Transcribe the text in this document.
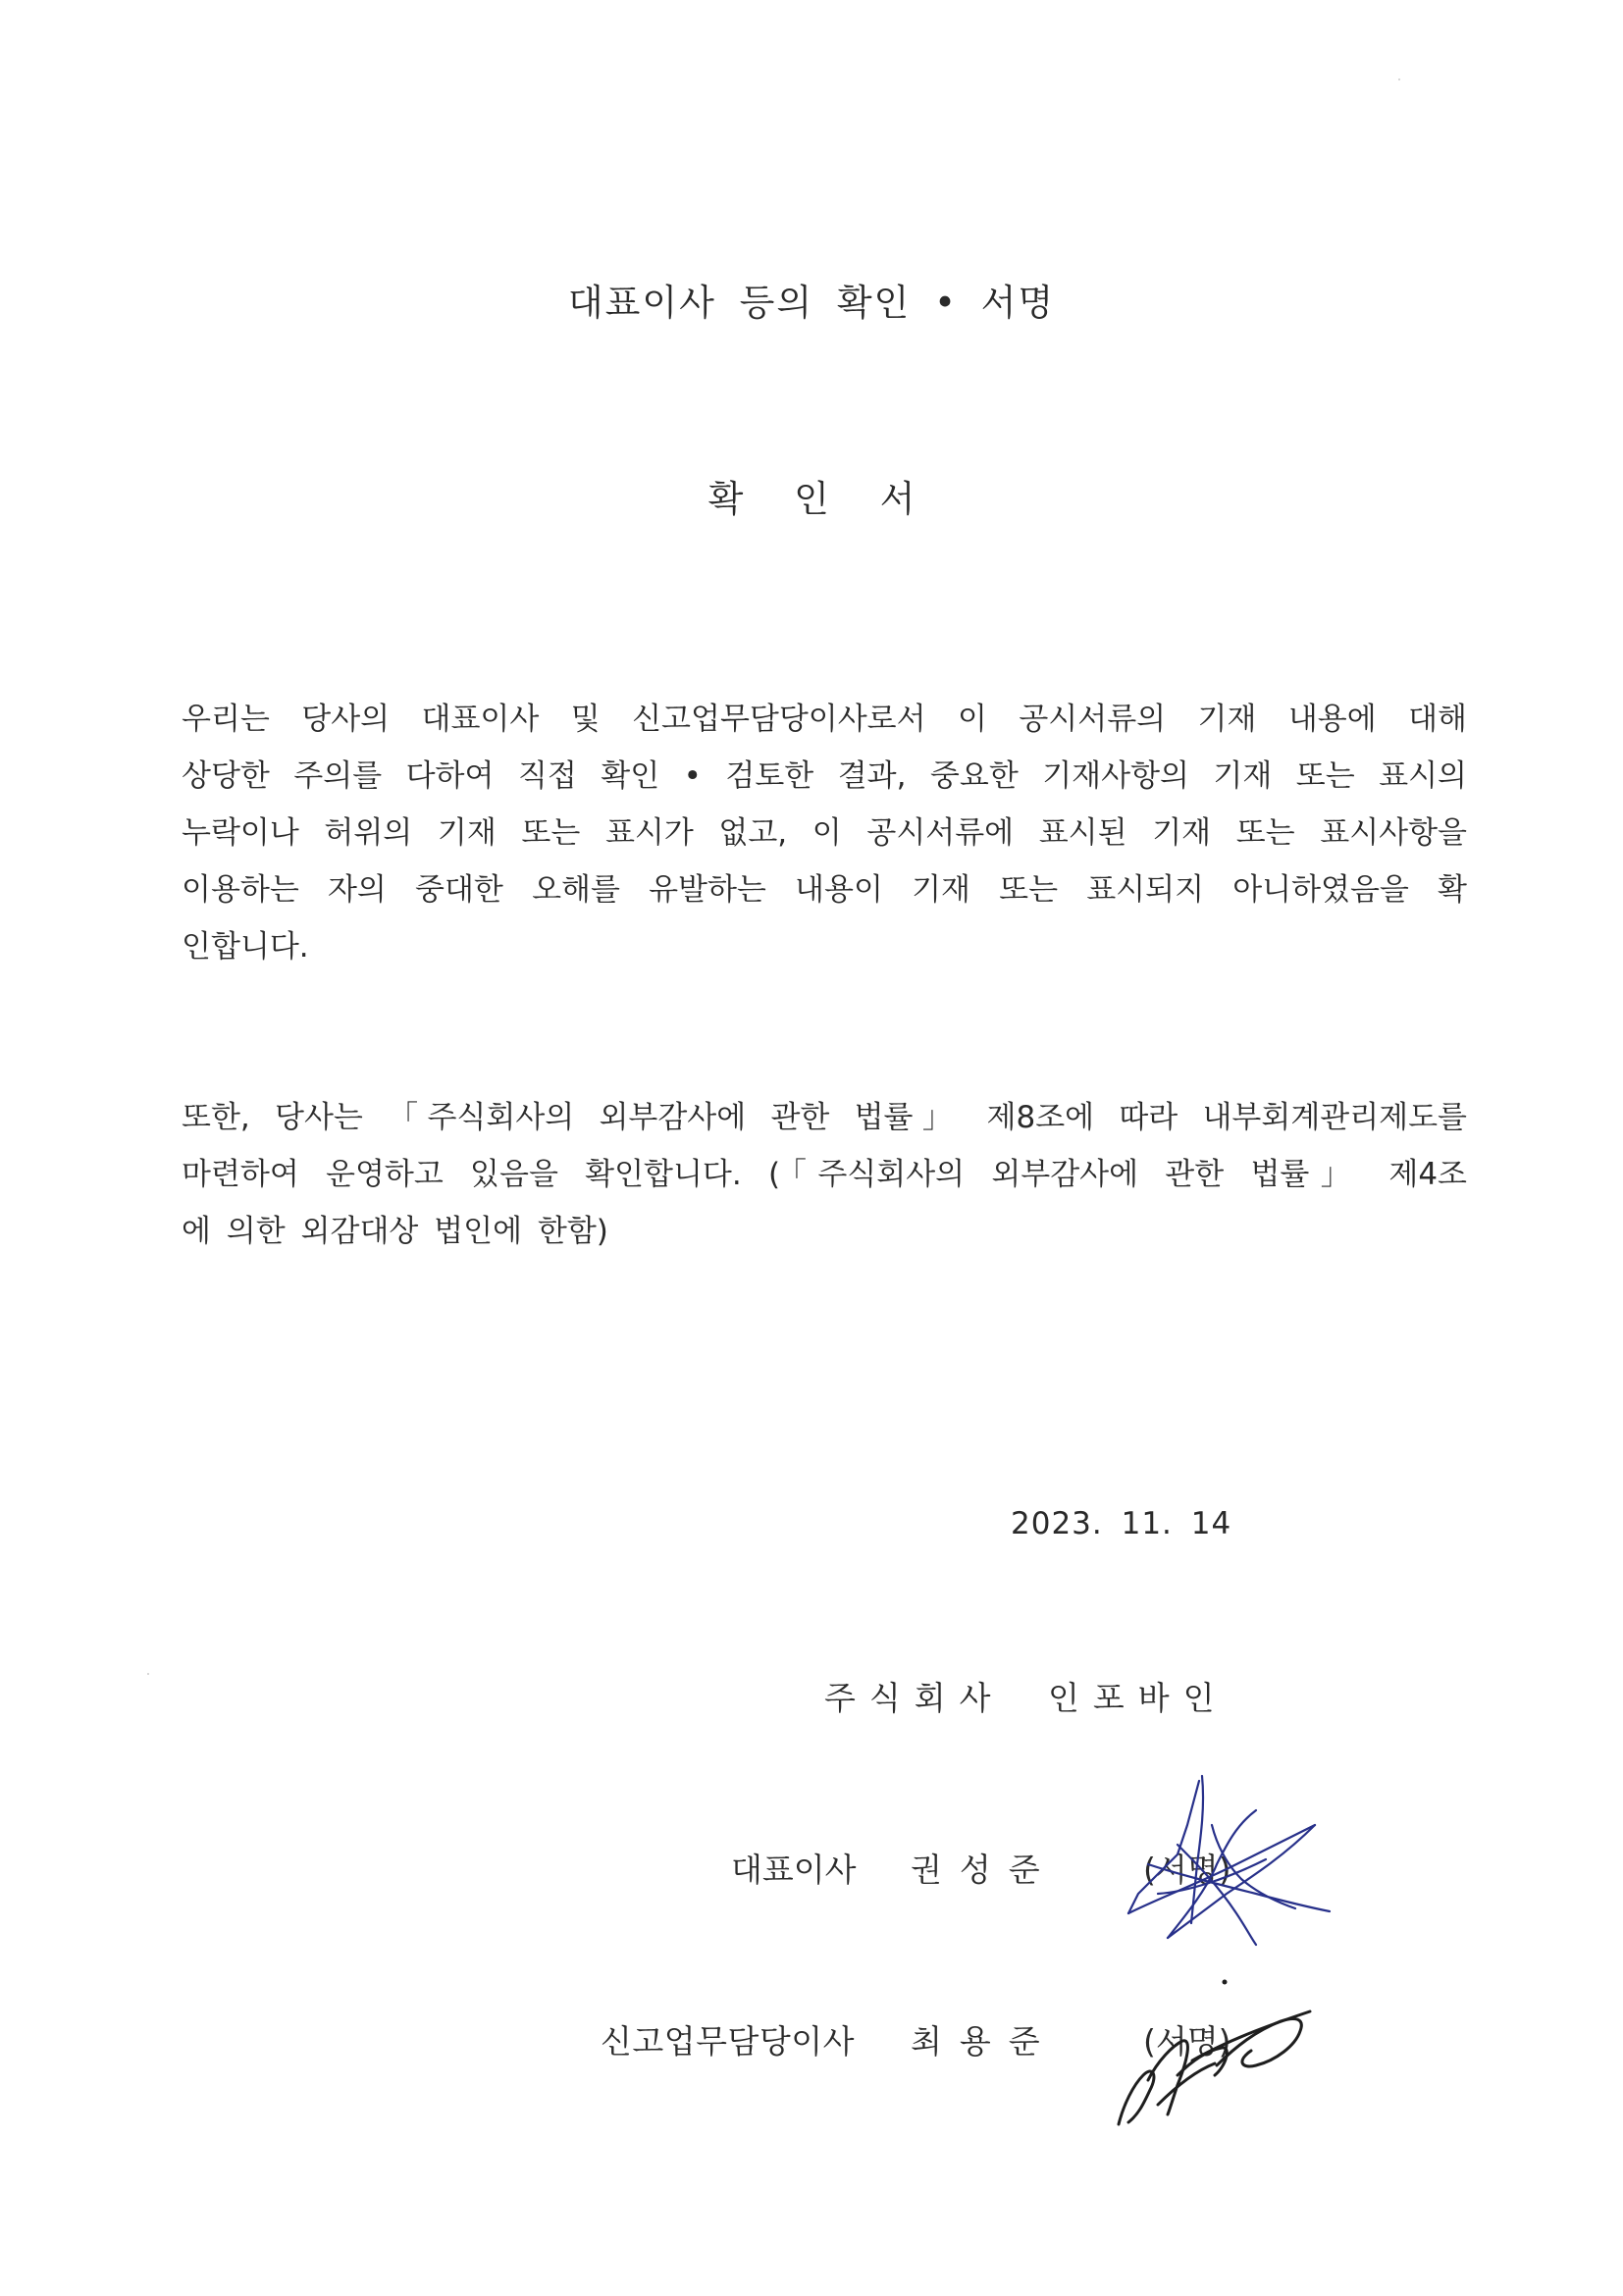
대표이사 등의 확인 • 서명
확 인 서
우리는 당사의 대표이사 및 신고업무담당이사로서 이 공시서류의 기재 내용에 대해
상당한 주의를 다하여 직접 확인 • 검토한 결과, 중요한 기재사항의 기재 또는 표시의
누락이나 허위의 기재 또는 표시가 없고, 이 공시서류에 표시된 기재 또는 표시사항을
이용하는 자의 중대한 오해를 유발하는 내용이 기재 또는 표시되지 아니하였음을 확
인합니다.
또한, 당사는 「주식회사의 외부감사에 관한 법률」 제8조에 따라 내부회계관리제도를
마련하여 운영하고 있음을 확인합니다. (「주식회사의 외부감사에 관한 법률」 제4조
에 의한 외감대상 법인에 한함)
2023. 11. 14
주식회사 인포바인
대표이사 권성준	(서명)
신고업무담당이사 최용준	(서명)
